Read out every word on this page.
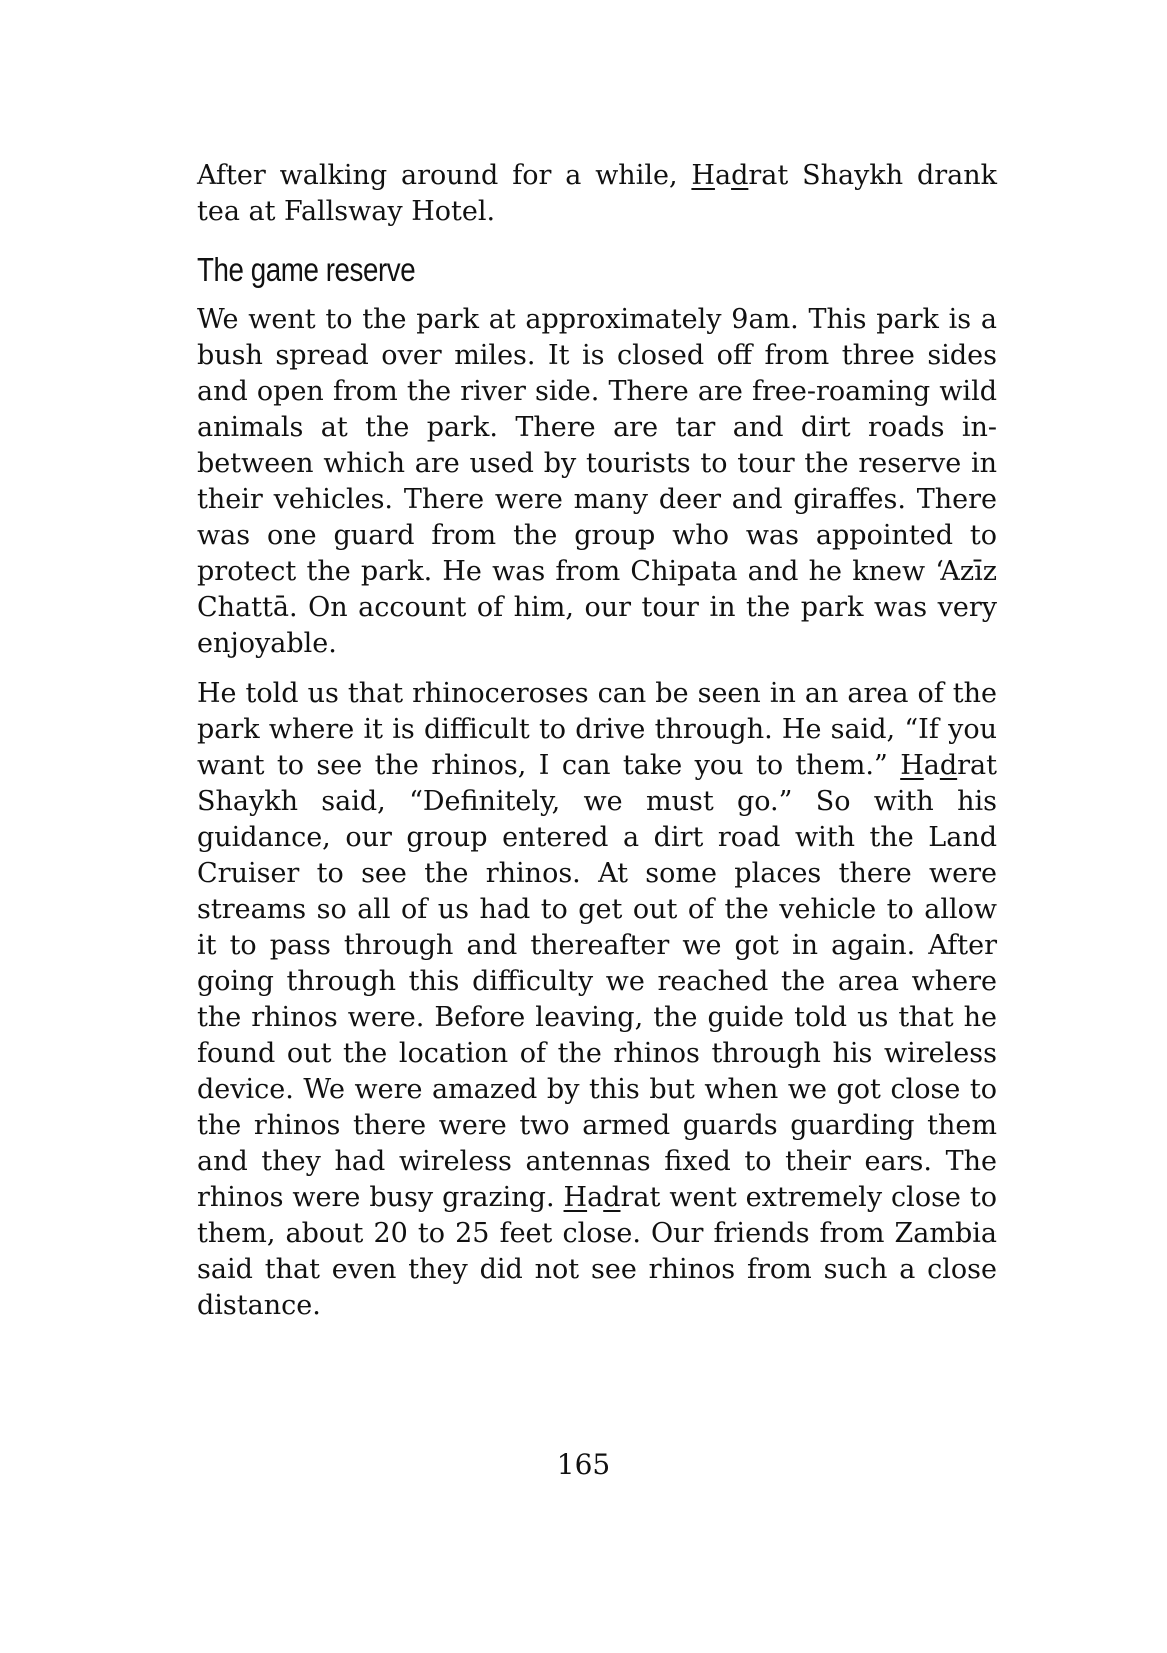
After walking around for a while, Hadrat Shaykh drank tea at Fallsway Hotel.

The game reserve

We went to the park at approximately 9am. This park is a bush spread over miles. It is closed off from three sides and open from the river side. There are free-roaming wild animals at the park. There are tar and dirt roads in-between which are used by tourists to tour the reserve in their vehicles. There were many deer and giraffes. There was one guard from the group who was appointed to protect the park. He was from Chipata and he knew ‘Azīz Chattā. On account of him, our tour in the park was very enjoyable.

He told us that rhinoceroses can be seen in an area of the park where it is difficult to drive through. He said, “If you want to see the rhinos, I can take you to them.” Hadrat Shaykh said, “Definitely, we must go.” So with his guidance, our group entered a dirt road with the Land Cruiser to see the rhinos. At some places there were streams so all of us had to get out of the vehicle to allow it to pass through and thereafter we got in again. After going through this difficulty we reached the area where the rhinos were. Before leaving, the guide told us that he found out the location of the rhinos through his wireless device. We were amazed by this but when we got close to the rhinos there were two armed guards guarding them and they had wireless antennas fixed to their ears. The rhinos were busy grazing. Hadrat went extremely close to them, about 20 to 25 feet close. Our friends from Zambia said that even they did not see rhinos from such a close distance.

165
